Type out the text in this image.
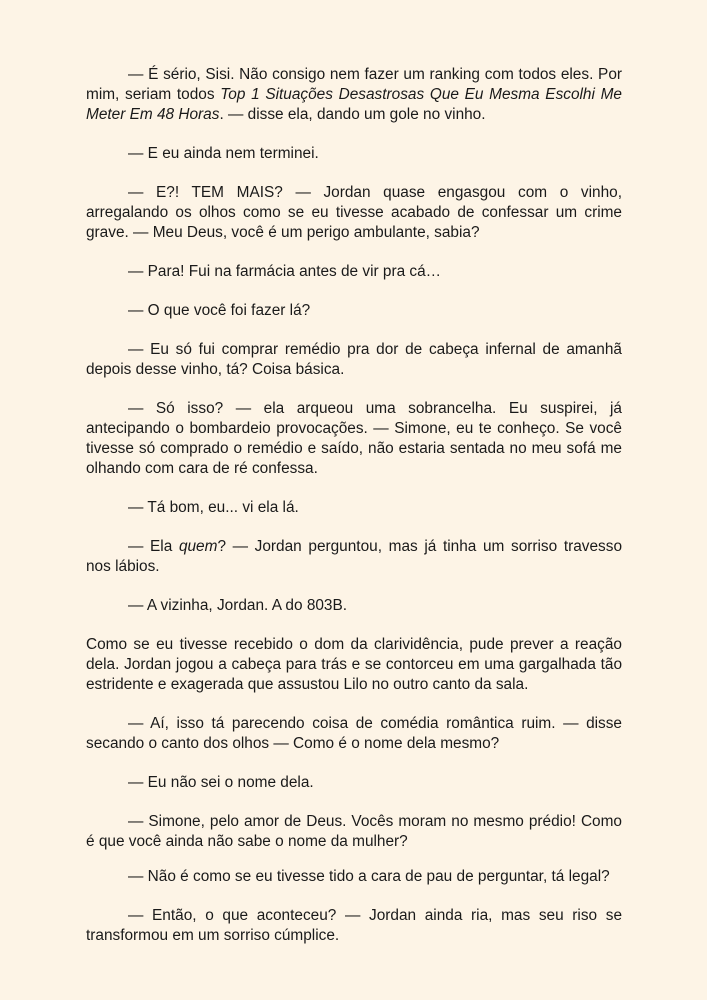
— É sério, Sisi. Não consigo nem fazer um ranking com todos eles. Por mim, seriam todos Top 1 Situações Desastrosas Que Eu Mesma Escolhi Me Meter Em 48 Horas. — disse ela, dando um gole no vinho.

— E eu ainda nem terminei.

— E?! TEM MAIS? — Jordan quase engasgou com o vinho, arregalando os olhos como se eu tivesse acabado de confessar um crime grave. — Meu Deus, você é um perigo ambulante, sabia?

— Para! Fui na farmácia antes de vir pra cá…

— O que você foi fazer lá?

— Eu só fui comprar remédio pra dor de cabeça infernal de amanhã depois desse vinho, tá? Coisa básica.

— Só isso? — ela arqueou uma sobrancelha. Eu suspirei, já antecipando o bombardeio provocações. — Simone, eu te conheço. Se você tivesse só comprado o remédio e saído, não estaria sentada no meu sofá me olhando com cara de ré confessa.

— Tá bom, eu... vi ela lá.

— Ela quem? — Jordan perguntou, mas já tinha um sorriso travesso nos lábios.

— A vizinha, Jordan. A do 803B.

Como se eu tivesse recebido o dom da clarividência, pude prever a reação dela. Jordan jogou a cabeça para trás e se contorceu em uma gargalhada tão estridente e exagerada que assustou Lilo no outro canto da sala.

— Aí, isso tá parecendo coisa de comédia romântica ruim. — disse secando o canto dos olhos — Como é o nome dela mesmo?

— Eu não sei o nome dela.

— Simone, pelo amor de Deus. Vocês moram no mesmo prédio! Como é que você ainda não sabe o nome da mulher?

— Não é como se eu tivesse tido a cara de pau de perguntar, tá legal?

— Então, o que aconteceu? — Jordan ainda ria, mas seu riso se transformou em um sorriso cúmplice.
